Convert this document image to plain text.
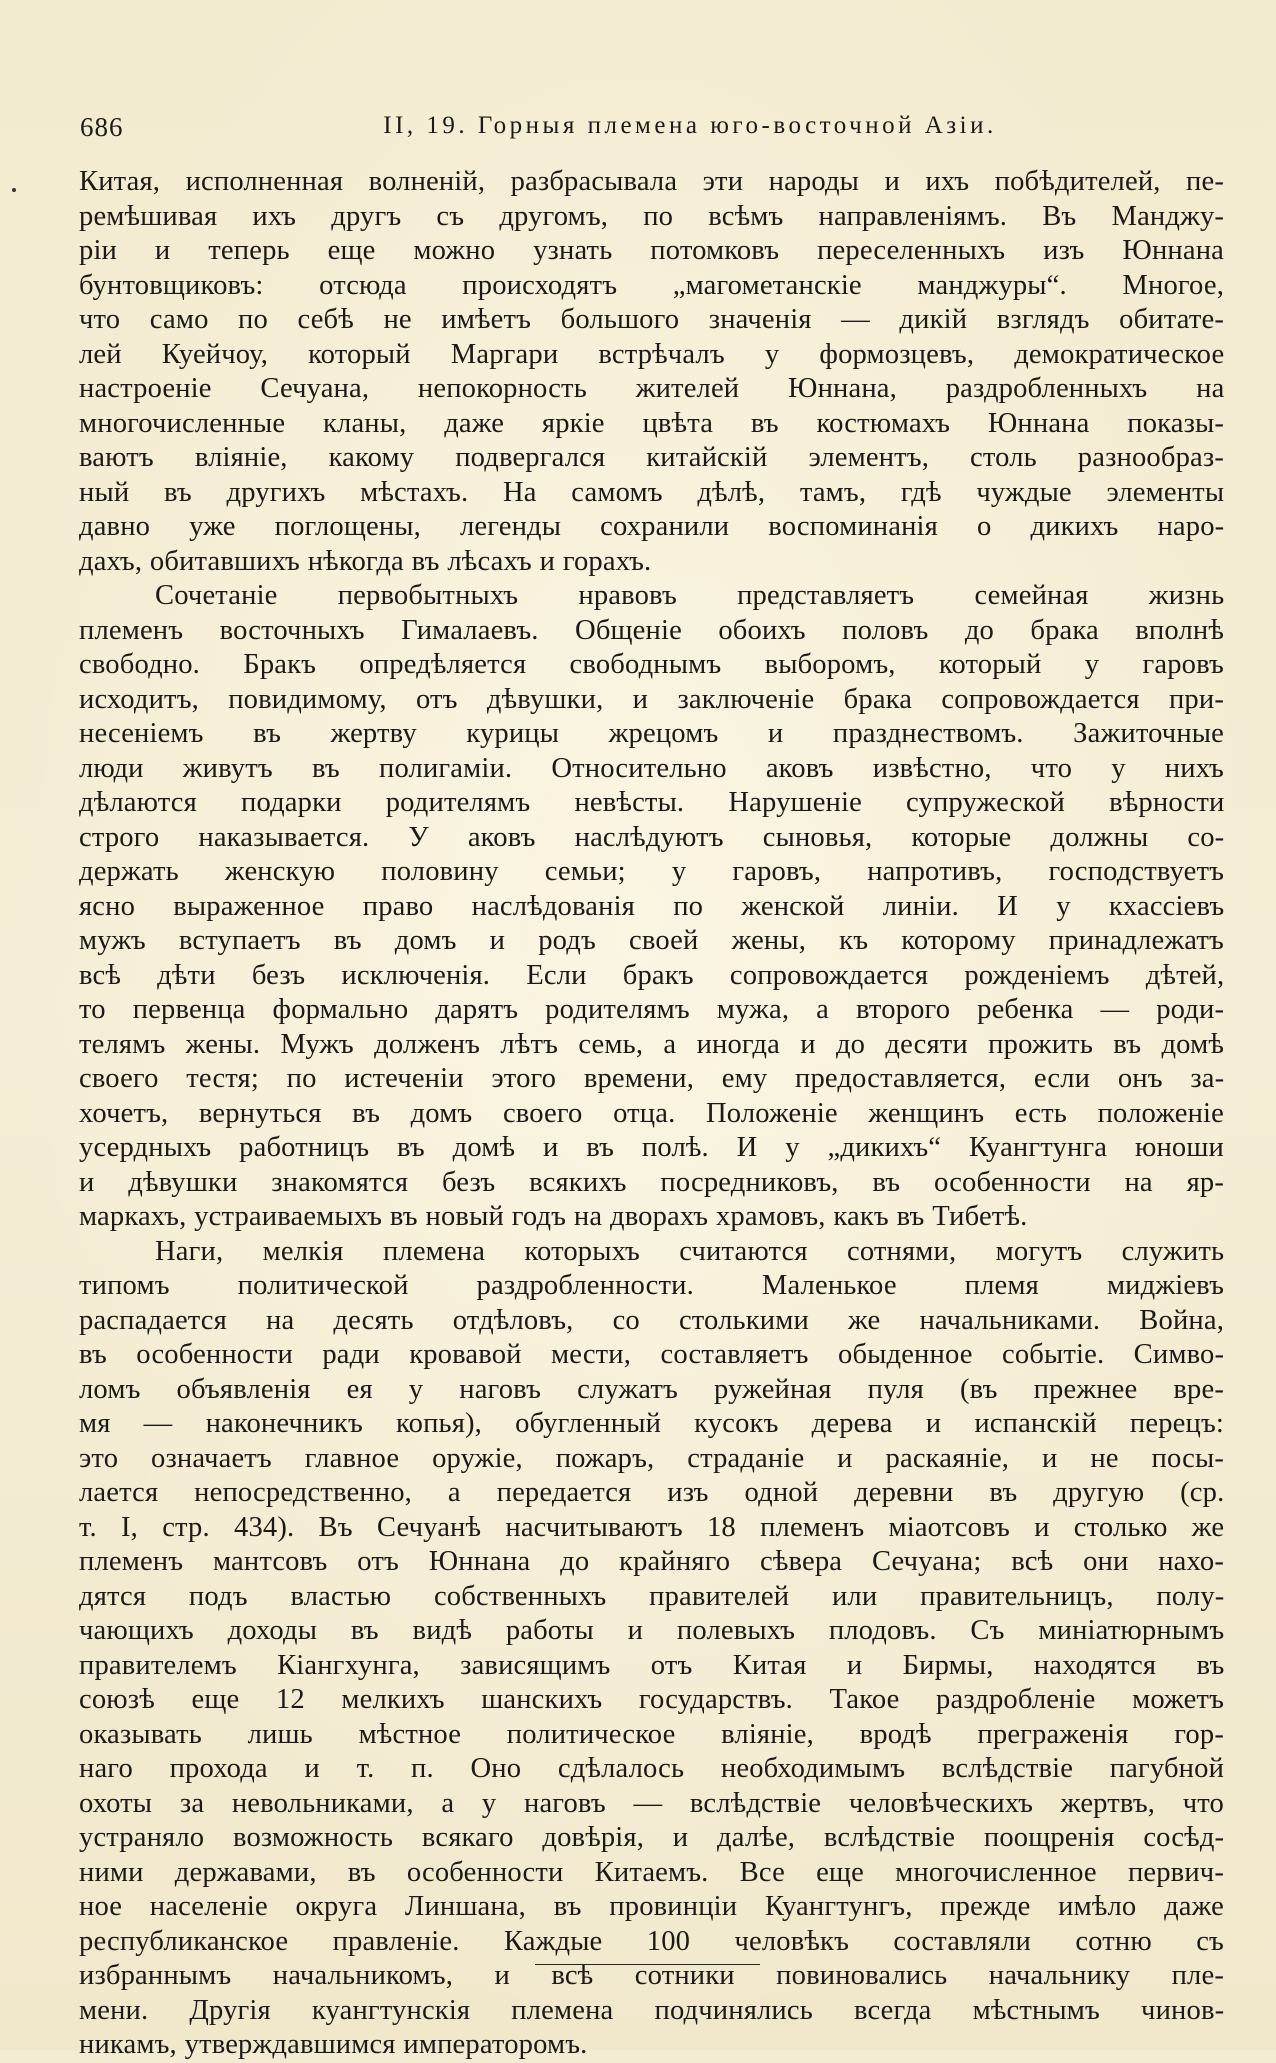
686	II, 19. Горныя племена юго-восточной Азіи.

Китая, исполненная волненій, разбрасывала эти народы и ихъ побѣдителей, пе-
ремѣшивая ихъ другъ съ другомъ, по всѣмъ направленіямъ. Въ Манджу-
ріи и теперь еще можно узнать потомковъ переселенныхъ изъ Юннана
бунтовщиковъ: отсюда происходятъ „магометанскіе манджуры“. Многое,
что само по себѣ не имѣетъ большого значенія — дикій взглядъ обитате-
лей Куейчоу, который Маргари встрѣчалъ у формозцевъ, демократическое
настроеніе Сечуана, непокорность жителей Юннана, раздробленныхъ на
многочисленные кланы, даже яркіе цвѣта въ костюмахъ Юннана показы-
ваютъ вліяніе, какому подвергался китайскій элементъ, столь разнообраз-
ный въ другихъ мѣстахъ. На самомъ дѣлѣ, тамъ, гдѣ чуждые элементы
давно уже поглощены, легенды сохранили воспоминанія о дикихъ наро-
дахъ, обитавшихъ нѣкогда въ лѣсахъ и горахъ.

Сочетаніе первобытныхъ нравовъ представляетъ семейная жизнь
племенъ восточныхъ Гималаевъ. Общеніе обоихъ половъ до брака вполнѣ
свободно. Бракъ опредѣляется свободнымъ выборомъ, который у гаровъ
исходитъ, повидимому, отъ дѣвушки, и заключеніе брака сопровождается при-
несеніемъ въ жертву курицы жрецомъ и празднествомъ. Зажиточные
люди живутъ въ полигаміи. Относительно аковъ извѣстно, что у нихъ
дѣлаются подарки родителямъ невѣсты. Нарушеніе супружеской вѣрности
строго наказывается. У аковъ наслѣдуютъ сыновья, которые должны со-
держать женскую половину семьи; у гаровъ, напротивъ, господствуетъ
ясно выраженное право наслѣдованія по женской линіи. И у кхассіевъ
мужъ вступаетъ въ домъ и родъ своей жены, къ которому принадлежатъ
всѣ дѣти безъ исключенія. Если бракъ сопровождается рожденіемъ дѣтей,
то первенца формально дарятъ родителямъ мужа, а второго ребенка — роди-
телямъ жены. Мужъ долженъ лѣтъ семь, а иногда и до десяти прожить въ домѣ
своего тестя; по истеченіи этого времени, ему предоставляется, если онъ за-
хочетъ, вернуться въ домъ своего отца. Положеніе женщинъ есть положеніе
усердныхъ работницъ въ домѣ и въ полѣ. И у „дикихъ“ Куангтунга юноши
и дѣвушки знакомятся безъ всякихъ посредниковъ, въ особенности на яр-
маркахъ, устраиваемыхъ въ новый годъ на дворахъ храмовъ, какъ въ Тибетѣ.

Наги, мелкія племена которыхъ считаются сотнями, могутъ служить
типомъ политической раздробленности. Маленькое племя миджіевъ
распадается на десять отдѣловъ, со столькими же начальниками. Война,
въ особенности ради кровавой мести, составляетъ обыденное событіе. Симво-
ломъ объявленія ея у наговъ служатъ ружейная пуля (въ прежнее вре-
мя — наконечникъ копья), обугленный кусокъ дерева и испанскій перецъ:
это означаетъ главное оружіе, пожаръ, страданіе и раскаяніе, и не посы-
лается непосредственно, а передается изъ одной деревни въ другую (ср.
т. I, стр. 434). Въ Сечуанѣ насчитываютъ 18 племенъ міаотсовъ и столько же
племенъ мантсовъ отъ Юннана до крайняго сѣвера Сечуана; всѣ они нахо-
дятся подъ властью собственныхъ правителей или правительницъ, полу-
чающихъ доходы въ видѣ работы и полевыхъ плодовъ. Съ миніатюрнымъ
правителемъ Кіангхунга, зависящимъ отъ Китая и Бирмы, находятся въ
союзѣ еще 12 мелкихъ шанскихъ государствъ. Такое раздробленіе можетъ
оказывать лишь мѣстное политическое вліяніе, вродѣ преграженія гор-
наго прохода и т. п. Оно сдѣлалось необходимымъ вслѣдствіе пагубной
охоты за невольниками, а у наговъ — вслѣдствіе человѣческихъ жертвъ, что
устраняло возможность всякаго довѣрія, и далѣе, вслѣдствіе поощренія сосѣд-
ними державами, въ особенности Китаемъ. Все еще многочисленное первич-
ное населеніе округа Линшана, въ провинціи Куангтунгъ, прежде имѣло даже
республиканское правленіе. Каждые 100 человѣкъ составляли сотню съ
избраннымъ начальникомъ, и всѣ сотники повиновались начальнику пле-
мени. Другія куангтунскія племена подчинялись всегда мѣстнымъ чинов-
никамъ, утверждавшимся императоромъ.
